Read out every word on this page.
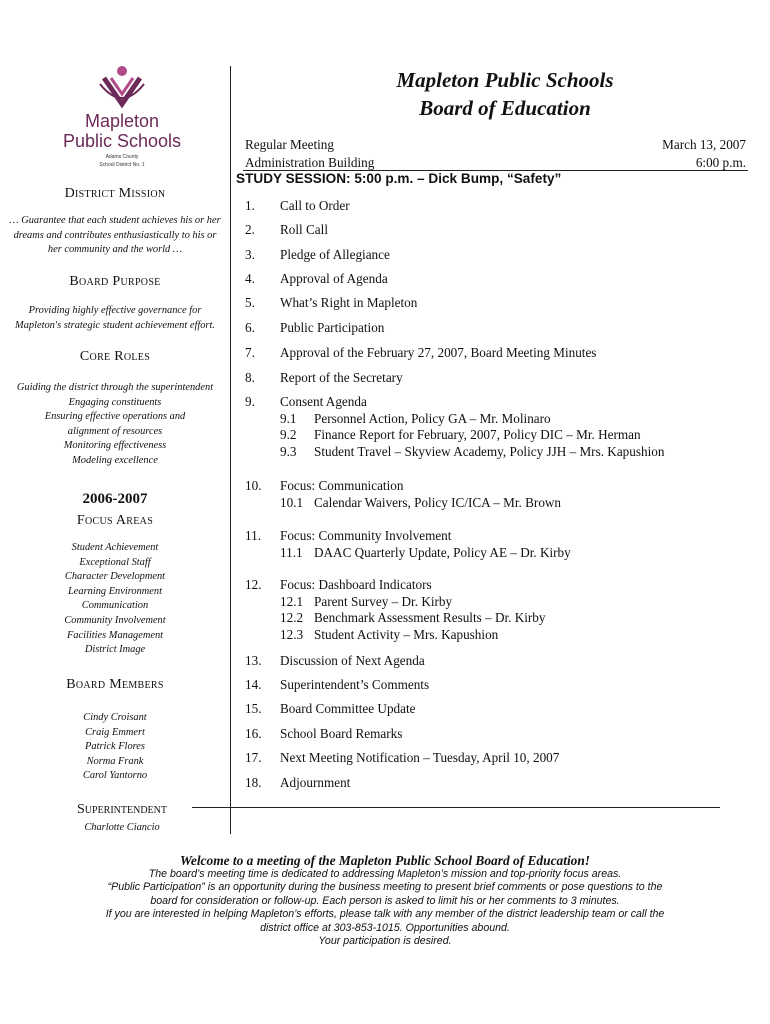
Mapleton
Public Schools
Adams County
School District No. 1
District Mission
… Guarantee that each student achieves his or her dreams and contributes enthusiastically to his or her community and the world …
Board Purpose
Providing highly effective governance for Mapleton's strategic student achievement effort.
Core Roles
Guiding the district through the superintendent
Engaging constituents
Ensuring effective operations and
alignment of resources
Monitoring effectiveness
Modeling excellence
2006-2007
Focus Areas
Student Achievement
Exceptional Staff
Character Development
Learning Environment
Communication
Community Involvement
Facilities Management
District Image
Board Members
Cindy Croisant
Craig Emmert
Patrick Flores
Norma Frank
Carol Yantorno
Mapleton Public Schools
Board of Education
Regular Meeting	March 13, 2007
Administration Building	6:00 p.m.
STUDY SESSION: 5:00 p.m. – Dick Bump, “Safety”
1. Call to Order
2. Roll Call
3. Pledge of Allegiance
4. Approval of Agenda
5. What’s Right in Mapleton
6. Public Participation
7. Approval of the February 27, 2007, Board Meeting Minutes
8. Report of the Secretary
9. Consent Agenda
9.1 Personnel Action, Policy GA – Mr. Molinaro
9.2 Finance Report for February, 2007, Policy DIC – Mr. Herman
9.3 Student Travel – Skyview Academy, Policy JJH – Mrs. Kapushion
10. Focus: Communication
10.1 Calendar Waivers, Policy IC/ICA – Mr. Brown
11. Focus: Community Involvement
11.1 DAAC Quarterly Update, Policy AE – Dr. Kirby
12. Focus: Dashboard Indicators
12.1 Parent Survey – Dr. Kirby
12.2 Benchmark Assessment Results – Dr. Kirby
12.3 Student Activity – Mrs. Kapushion
13. Discussion of Next Agenda
14. Superintendent’s Comments
15. Board Committee Update
16. School Board Remarks
17. Next Meeting Notification – Tuesday, April 10, 2007
18. Adjournment
Superintendent
Charlotte Ciancio
Welcome to a meeting of the Mapleton Public School Board of Education!
The board’s meeting time is dedicated to addressing Mapleton’s mission and top-priority focus areas.
“Public Participation” is an opportunity during the business meeting to present brief comments or pose questions to the
board for consideration or follow-up. Each person is asked to limit his or her comments to 3 minutes.
If you are interested in helping Mapleton’s efforts, please talk with any member of the district leadership team or call the
district office at 303-853-1015. Opportunities abound.
Your participation is desired.
